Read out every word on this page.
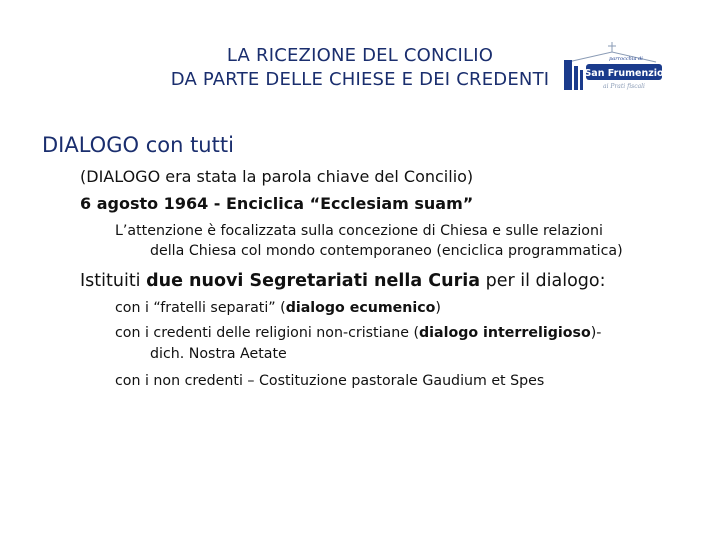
LA RICEZIONE DEL CONCILIO
DA PARTE DELLE CHIESE E DEI CREDENTI
parrocchia di
San Frumenzio
ai Prati fiscali
DIALOGO con tutti
(DIALOGO era stata la parola chiave del Concilio)
6 agosto 1964 - Enciclica “Ecclesiam suam”
L’attenzione è focalizzata sulla concezione di Chiesa e sulle relazioni
della Chiesa col mondo contemporaneo (enciclica programmatica)
Istituiti due nuovi Segretariati nella Curia per il dialogo:
con i “fratelli separati” (dialogo ecumenico)
con i credenti delle religioni non-cristiane (dialogo interreligioso)-
dich. Nostra Aetate
con i non credenti – Costituzione pastorale Gaudium et Spes
